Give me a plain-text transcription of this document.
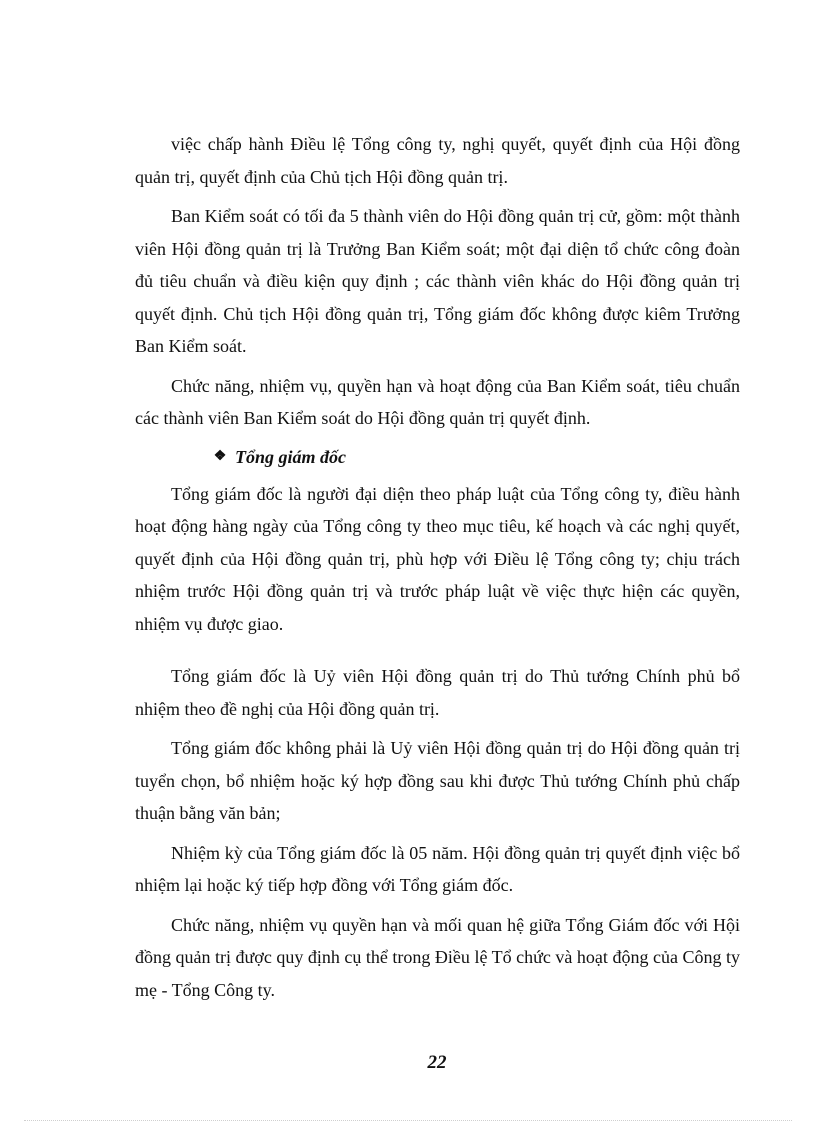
việc chấp hành Điều lệ Tổng công ty, nghị quyết, quyết định của Hội đồng quản trị, quyết định của Chủ tịch Hội đồng quản trị.

Ban Kiểm soát có tối đa 5 thành viên do Hội đồng quản trị cử, gồm: một thành viên Hội đồng quản trị là Trưởng Ban Kiểm soát; một đại diện tổ chức công đoàn đủ tiêu chuẩn và điều kiện quy định ; các thành viên khác do Hội đồng quản trị quyết định. Chủ tịch Hội đồng quản trị, Tổng giám đốc không được kiêm Trưởng Ban Kiểm soát.

Chức năng, nhiệm vụ, quyền hạn và hoạt động của Ban Kiểm soát, tiêu chuẩn các thành viên Ban Kiểm soát do Hội đồng quản trị quyết định.

❖ Tổng giám đốc

Tổng giám đốc là người đại diện theo pháp luật của Tổng công ty, điều hành hoạt động hàng ngày của Tổng công ty theo mục tiêu, kế hoạch và các nghị quyết, quyết định của Hội đồng quản trị, phù hợp với Điều lệ Tổng công ty; chịu trách nhiệm trước Hội đồng quản trị và trước pháp luật về việc thực hiện các quyền, nhiệm vụ được giao.

Tổng giám đốc là Uỷ viên Hội đồng quản trị do Thủ tướng Chính phủ bổ nhiệm theo đề nghị của Hội đồng quản trị.

Tổng giám đốc không phải là Uỷ viên Hội đồng quản trị do Hội đồng quản trị tuyển chọn, bổ nhiệm hoặc ký hợp đồng sau khi được Thủ tướng Chính phủ chấp thuận bằng văn bản;

Nhiệm kỳ của Tổng giám đốc là 05 năm. Hội đồng quản trị quyết định việc bổ nhiệm lại hoặc ký tiếp hợp đồng với Tổng giám đốc.

Chức năng, nhiệm vụ quyền hạn và mối quan hệ giữa Tổng Giám đốc với Hội đồng quản trị được quy định cụ thể trong Điều lệ Tổ chức và hoạt động của Công ty mẹ - Tổng Công ty.

22
